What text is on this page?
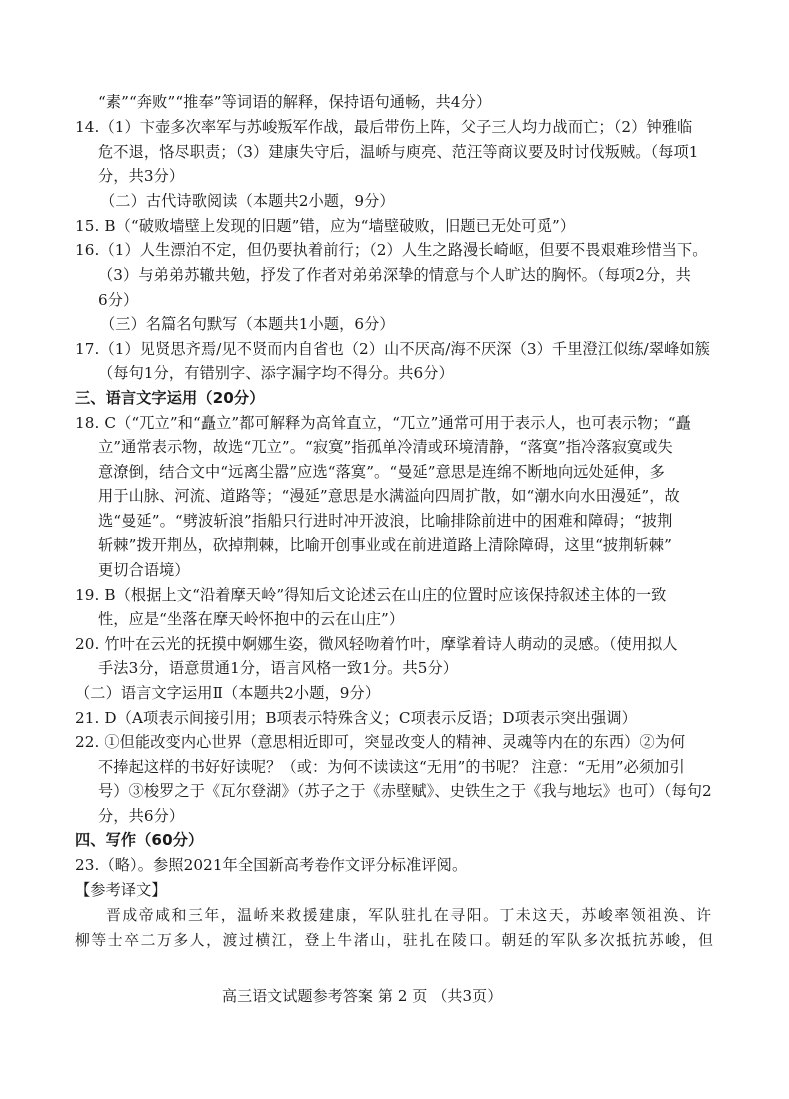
“素”“奔败”“推奉”等词语的解释，保持语句通畅，共4分）

14.（1）卞壶多次率军与苏峻叛军作战，最后带伤上阵，父子三人均力战而亡；（2）钟雅临

危不退，恪尽职责；（3）建康失守后，温峤与庾亮、范汪等商议要及时讨伐叛贼。（每项1

分，共3分）

（二）古代诗歌阅读（本题共2小题，9分）

15. B（“破败墙壁上发现的旧题”错，应为“墙壁破败，旧题已无处可觅”）

16.（1）人生漂泊不定，但仍要执着前行；（2）人生之路漫长崎岖，但要不畏艰难珍惜当下。

（3）与弟弟苏辙共勉，抒发了作者对弟弟深挚的情意与个人旷达的胸怀。（每项2分，共

6分）

（三）名篇名句默写（本题共1小题，6分）

17.（1）见贤思齐焉/见不贤而内自省也（2）山不厌高/海不厌深（3）千里澄江似练/翠峰如簇

（每句1分，有错别字、添字漏字均不得分。共6分）

三、语言文字运用（20分）

18. C（“兀立”和“矗立”都可解释为高耸直立，“兀立”通常可用于表示人，也可表示物；“矗

立”通常表示物，故选“兀立”。“寂寞”指孤单冷清或环境清静，“落寞”指冷落寂寞或失

意潦倒，结合文中“远离尘嚣”应选“落寞”。“曼延”意思是连绵不断地向远处延伸，多

用于山脉、河流、道路等；“漫延”意思是水满溢向四周扩散，如“潮水向水田漫延”，故

选“曼延”。“劈波斩浪”指船只行进时冲开波浪，比喻排除前进中的困难和障碍；“披荆

斩棘”拨开荆丛，砍掉荆棘，比喻开创事业或在前进道路上清除障碍，这里“披荆斩棘”

更切合语境）

19. B（根据上文“沿着摩天岭”得知后文论述云在山庄的位置时应该保持叙述主体的一致

性，应是“坐落在摩天岭怀抱中的云在山庄”）

20. 竹叶在云光的抚摸中婀娜生姿，微风轻吻着竹叶，摩挲着诗人萌动的灵感。（使用拟人

手法3分，语意贯通1分，语言风格一致1分。共5分）

（二）语言文字运用Ⅱ（本题共2小题，9分）

21. D（A项表示间接引用；B项表示特殊含义；C项表示反语；D项表示突出强调）

22. ①但能改变内心世界（意思相近即可，突显改变人的精神、灵魂等内在的东西）②为何

不捧起这样的书好好读呢？（或：为何不读读这“无用”的书呢？ 注意：“无用”必须加引

号）③梭罗之于《瓦尔登湖》（苏子之于《赤壁赋》、史铁生之于《我与地坛》也可）（每句2

分，共6分）

四、写作（60分）

23.（略）。参照2021年全国新高考卷作文评分标准评阅。

【参考译文】

晋成帝咸和三年，温峤来救援建康，军队驻扎在寻阳。丁未这天，苏峻率领祖涣、许

柳等士卒二万多人，渡过横江，登上牛渚山，驻扎在陵口。朝廷的军队多次抵抗苏峻，但

高三语文试题参考答案 第 2 页 （共3页）
